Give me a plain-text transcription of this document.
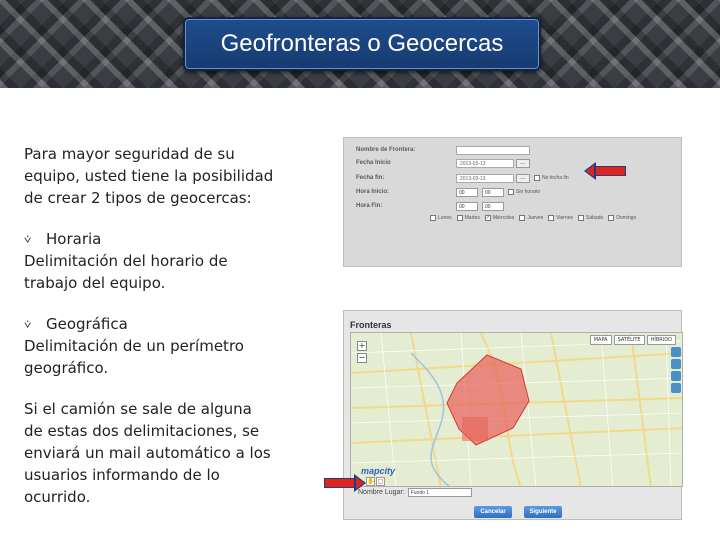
Geofronteras o Geocercas

Para mayor seguridad de su equipo, usted tiene la posibilidad de crear 2 tipos de geocercas:

⩒ Horaria
Delimitación del horario de trabajo del equipo.
⩒ Geográfica
Delimitación de un perímetro geográfico.

Si el camión se sale de alguna de estas dos delimitaciones, se enviará un mail automático a los usuarios informando de lo ocurrido.

Nombre de Frontera:
Fecha Inicio	2013-03-13	...
Fecha fin:	2013-03-13	...	No fecha fin
Hora Inicio:	00	00	Sin horario
Hora Fin:	00	00
Lunes	Martes ✓ Miércoles	Jueves	Viernes	Sábado	Domingo
Fronteras
+
−
MAPA	SATÉLITE	HÍBRIDO
mapcity
✋ ▢
Nombre Lugar:	Fundo 1
Cancelar	Siguiente
